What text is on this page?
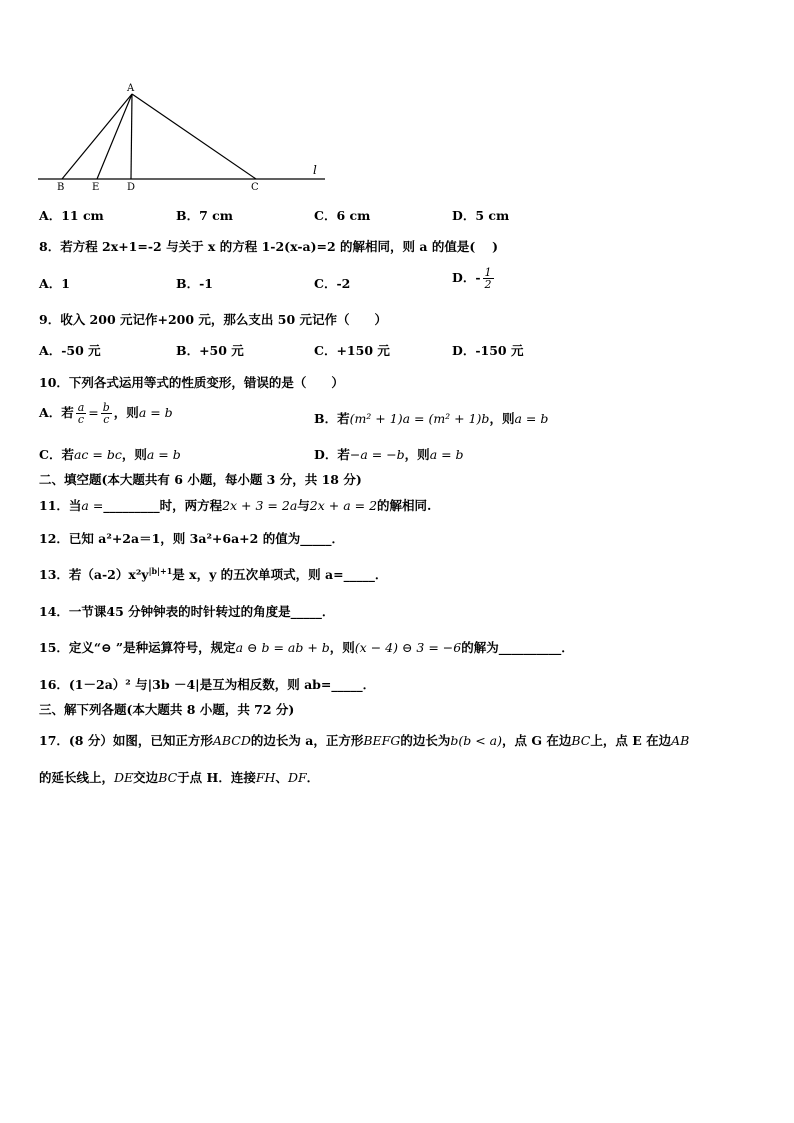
A
B	E	D	C
l
A．11 cm	B．7 cm	C．6 cm	D．5 cm
8．若方程 2x+1=-2 与关于 x 的方程 1-2(x-a)=2 的解相同，则 a 的值是(　 )
A．1	B．-1	C．-2	D．- $\frac{1}{2}$
9．收入 200 元记作+200 元，那么支出 50 元记作（　　）
A．-50 元	B．+50 元	C．+150 元	D．-150 元
10．下列各式运用等式的性质变形，错误的是（　　）
A．若 $\frac{a}{c} = \frac{b}{c}$ ，则a = b	B．若(m² + 1)a = (m² + 1)b，则a = b
C．若ac = bc，则a = b	D．若−a = −b，则a = b
二、填空题(本大题共有 6 小题，每小题 3 分，共 18 分)
11．当a =_________时，两方程2x + 3 = 2a与2x + a = 2的解相同.
12．已知 a²+2a＝1，则 3a²+6a+2 的值为_____．
13．若$(a-2)x^2y^{|b|+1}$是 x，y 的五次单项式，则 a=_____．
14．一节课45 分钟钟表的时针转过的角度是_____．
15．定义“⊖ ”是种运算符号，规定a ⊖ b = ab + b，则(x − 4) ⊖ 3 = −6的解为__________．
16．(1－2a）² 与|3b －4|是互为相反数，则 ab=_____．
三、解下列各题(本大题共 8 小题，共 72 分)
17．(8 分）如图，已知正方形ABCD的边长为 a，正方形BEFG的边长为b(b < a)，点 G 在边BC上，点 E 在边AB
的延长线上，DE交边BC于点 H．连接FH、DF．
